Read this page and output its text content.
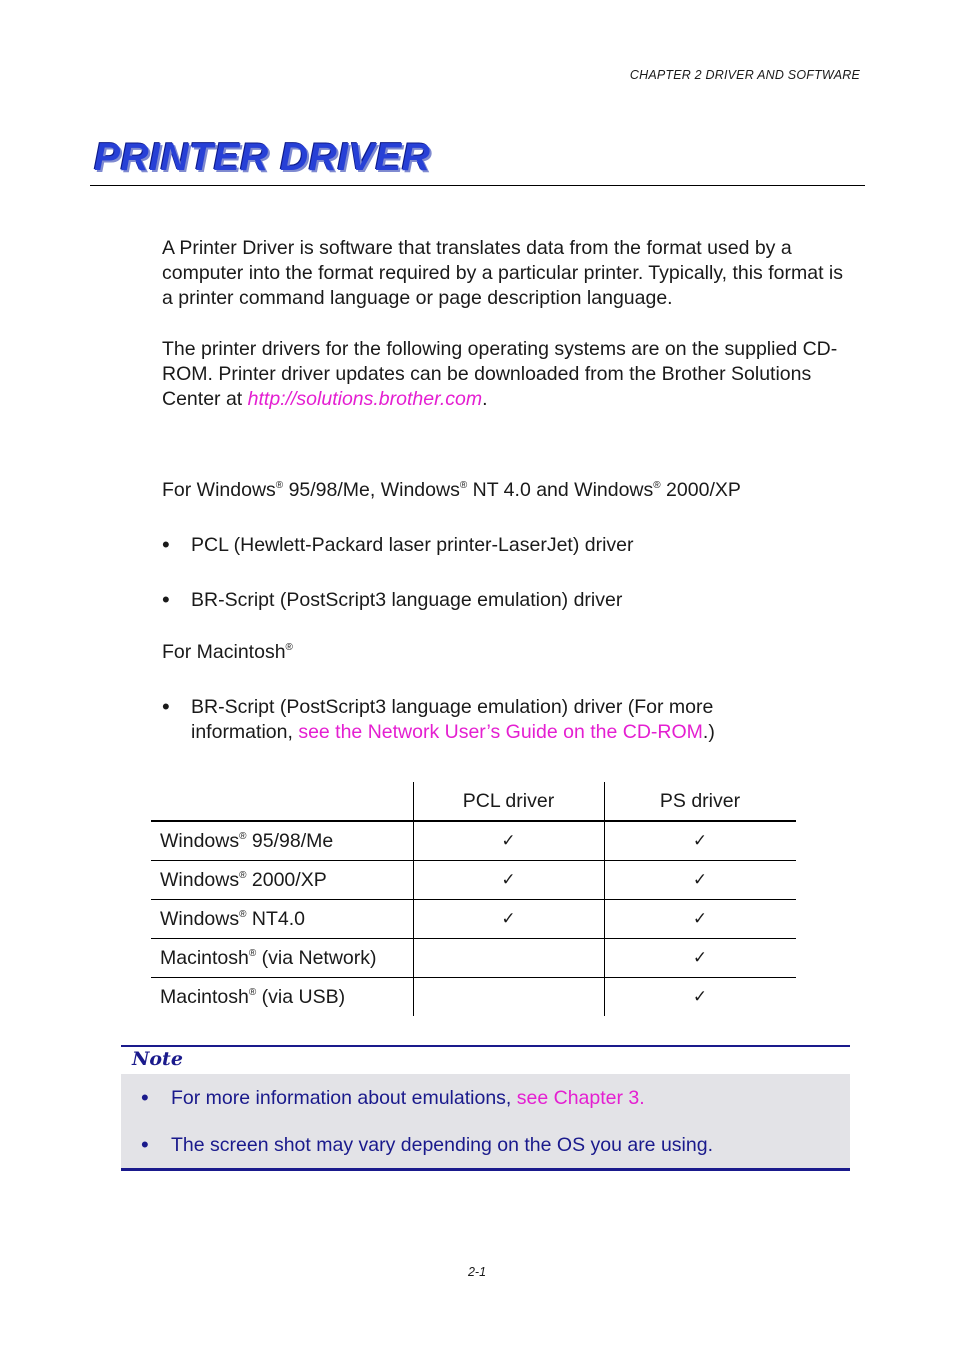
CHAPTER 2 DRIVER AND SOFTWARE
PRINTER DRIVER

A Printer Driver is software that translates data from the format used by a computer into the format required by a particular printer. Typically, this format is a printer command language or page description language.

The printer drivers for the following operating systems are on the supplied CD-ROM. Printer driver updates can be downloaded from the Brother Solutions Center at http://solutions.brother.com.

For Windows® 95/98/Me, Windows® NT 4.0 and Windows® 2000/XP
•	PCL (Hewlett-Packard laser printer-LaserJet) driver
•	BR-Script (PostScript3 language emulation) driver
For Macintosh®
•	BR-Script (PostScript3 language emulation) driver (For more information, see the Network User’s Guide on the CD-ROM.)
	PCL driver	PS driver
Windows® 95/98/Me	✓	✓
Windows® 2000/XP	✓	✓
Windows® NT4.0	✓	✓
Macintosh® (via Network)		✓
Macintosh® (via USB)		✓
Note
•	For more information about emulations, see Chapter 3.
•	The screen shot may vary depending on the OS you are using.
2-1
